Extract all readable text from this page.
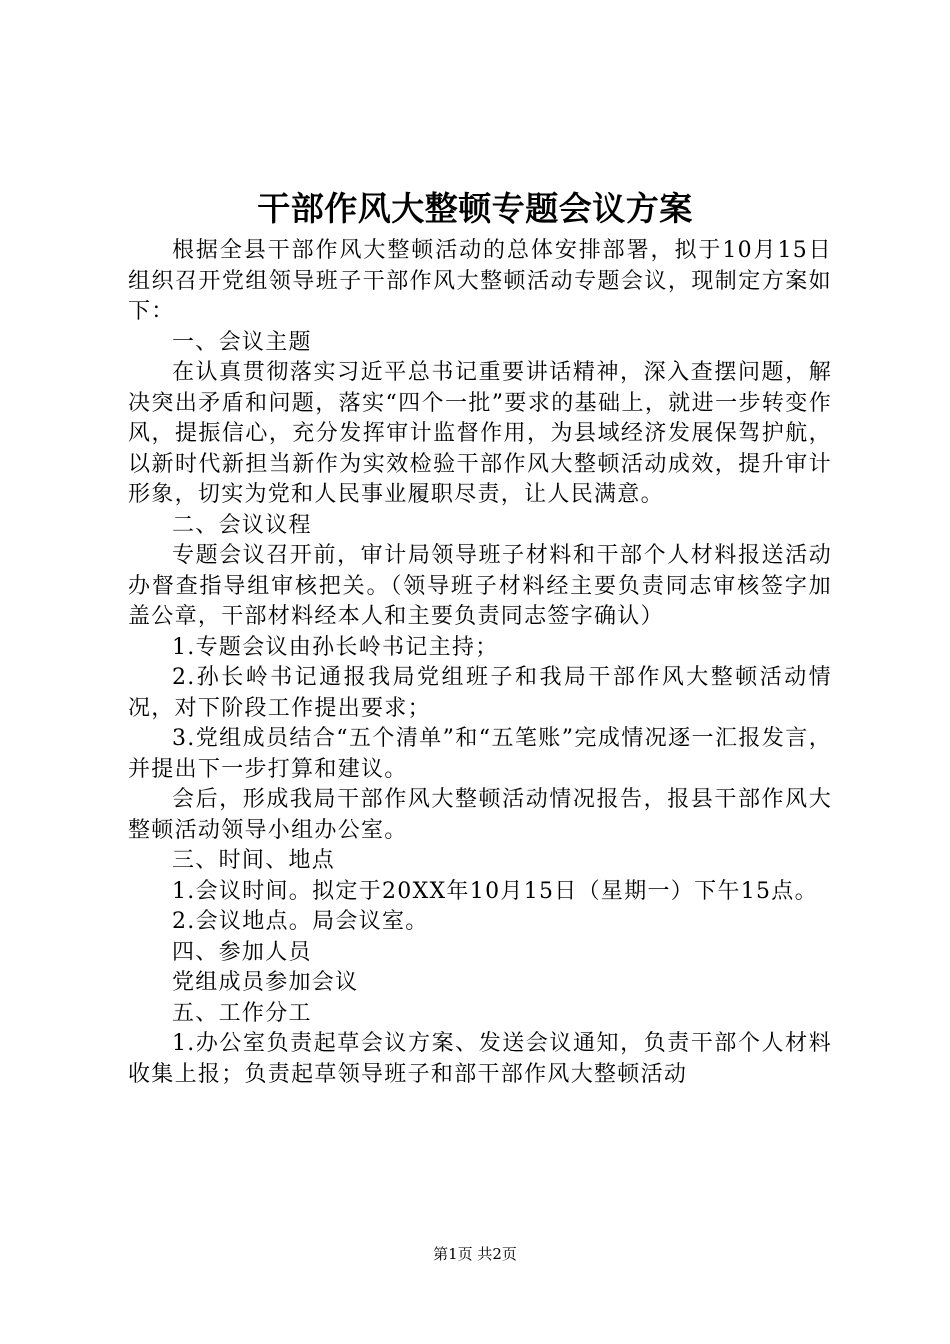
干部作风大整顿专题会议方案

根据全县干部作风大整顿活动的总体安排部署，拟于10月15日组织召开党组领导班子干部作风大整顿活动专题会议，现制定方案如下：

一、会议主题

在认真贯彻落实习近平总书记重要讲话精神，深入查摆问题，解决突出矛盾和问题，落实“四个一批”要求的基础上，就进一步转变作风，提振信心，充分发挥审计监督作用，为县域经济发展保驾护航，以新时代新担当新作为实效检验干部作风大整顿活动成效，提升审计形象，切实为党和人民事业履职尽责，让人民满意。

二、会议议程

专题会议召开前，审计局领导班子材料和干部个人材料报送活动办督查指导组审核把关。（领导班子材料经主要负责同志审核签字加盖公章，干部材料经本人和主要负责同志签字确认）

1.专题会议由孙长岭书记主持；

2.孙长岭书记通报我局党组班子和我局干部作风大整顿活动情况，对下阶段工作提出要求；

3.党组成员结合“五个清单”和“五笔账”完成情况逐一汇报发言，并提出下一步打算和建议。

会后，形成我局干部作风大整顿活动情况报告，报县干部作风大整顿活动领导小组办公室。

三、时间、地点

1.会议时间。拟定于20XX年10月15日（星期一）下午15点。

2.会议地点。局会议室。

四、参加人员

党组成员参加会议

五、工作分工

1.办公室负责起草会议方案、发送会议通知，负责干部个人材料收集上报；负责起草领导班子和部干部作风大整顿活动

第1页 共2页
